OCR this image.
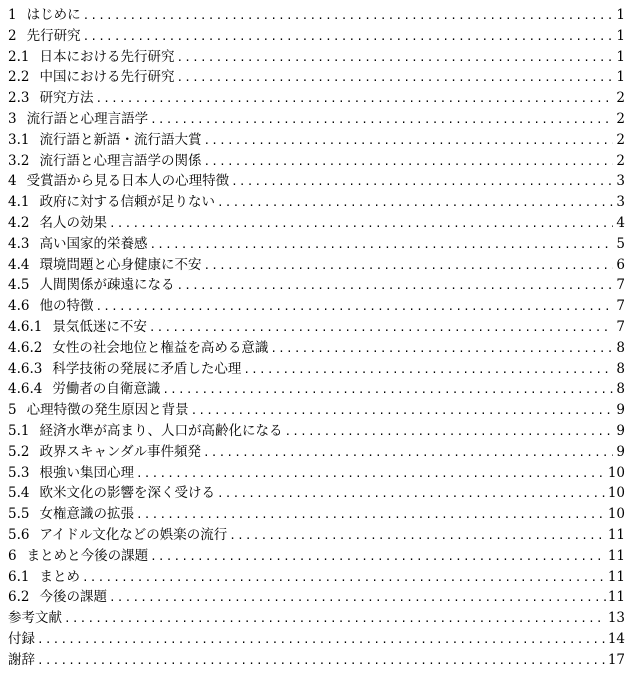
1 はじめに .....	1
2 先行研究 .....	1
2.1 日本における先行研究 .....	1
2.2 中国における先行研究 .....	1
2.3 研究方法 .....	2
3 流行語と心理言語学 .....	2
3.1 流行語と新語・流行語大賞 .....	2
3.2 流行語と心理言語学の関係 .....	2
4 受賞語から見る日本人の心理特徴 .....	3
4.1 政府に対する信頼が足りない .....	3
4.2 名人の効果 .....	4
4.3 高い国家的栄養感 .....	5
4.4 環境問題と心身健康に不安 .....	6
4.5 人間関係が疎遠になる .....	7
4.6 他の特徴 .....	7
4.6.1 景気低迷に不安 .....	7
4.6.2 女性の社会地位と権益を高める意識 .....	8
4.6.3 科学技術の発展に矛盾した心理 .....	8
4.6.4 労働者の自衛意識 .....	8
5 心理特徴の発生原因と背景 .....	9
5.1 経済水準が高まり、人口が高齢化になる .....	9
5.2 政界スキャンダル事件頻発 .....	9
5.3 根強い集団心理 .....	10
5.4 欧米文化の影響を深く受ける .....	10
5.5 女権意識の拡張 .....	10
5.6 アイドル文化などの娯楽の流行 .....	11
6 まとめと今後の課題 .....	11
6.1 まとめ .....	11
6.2 今後の課題 .....	11
参考文献 .....	13
付録 .....	14
謝辞 .....	17
